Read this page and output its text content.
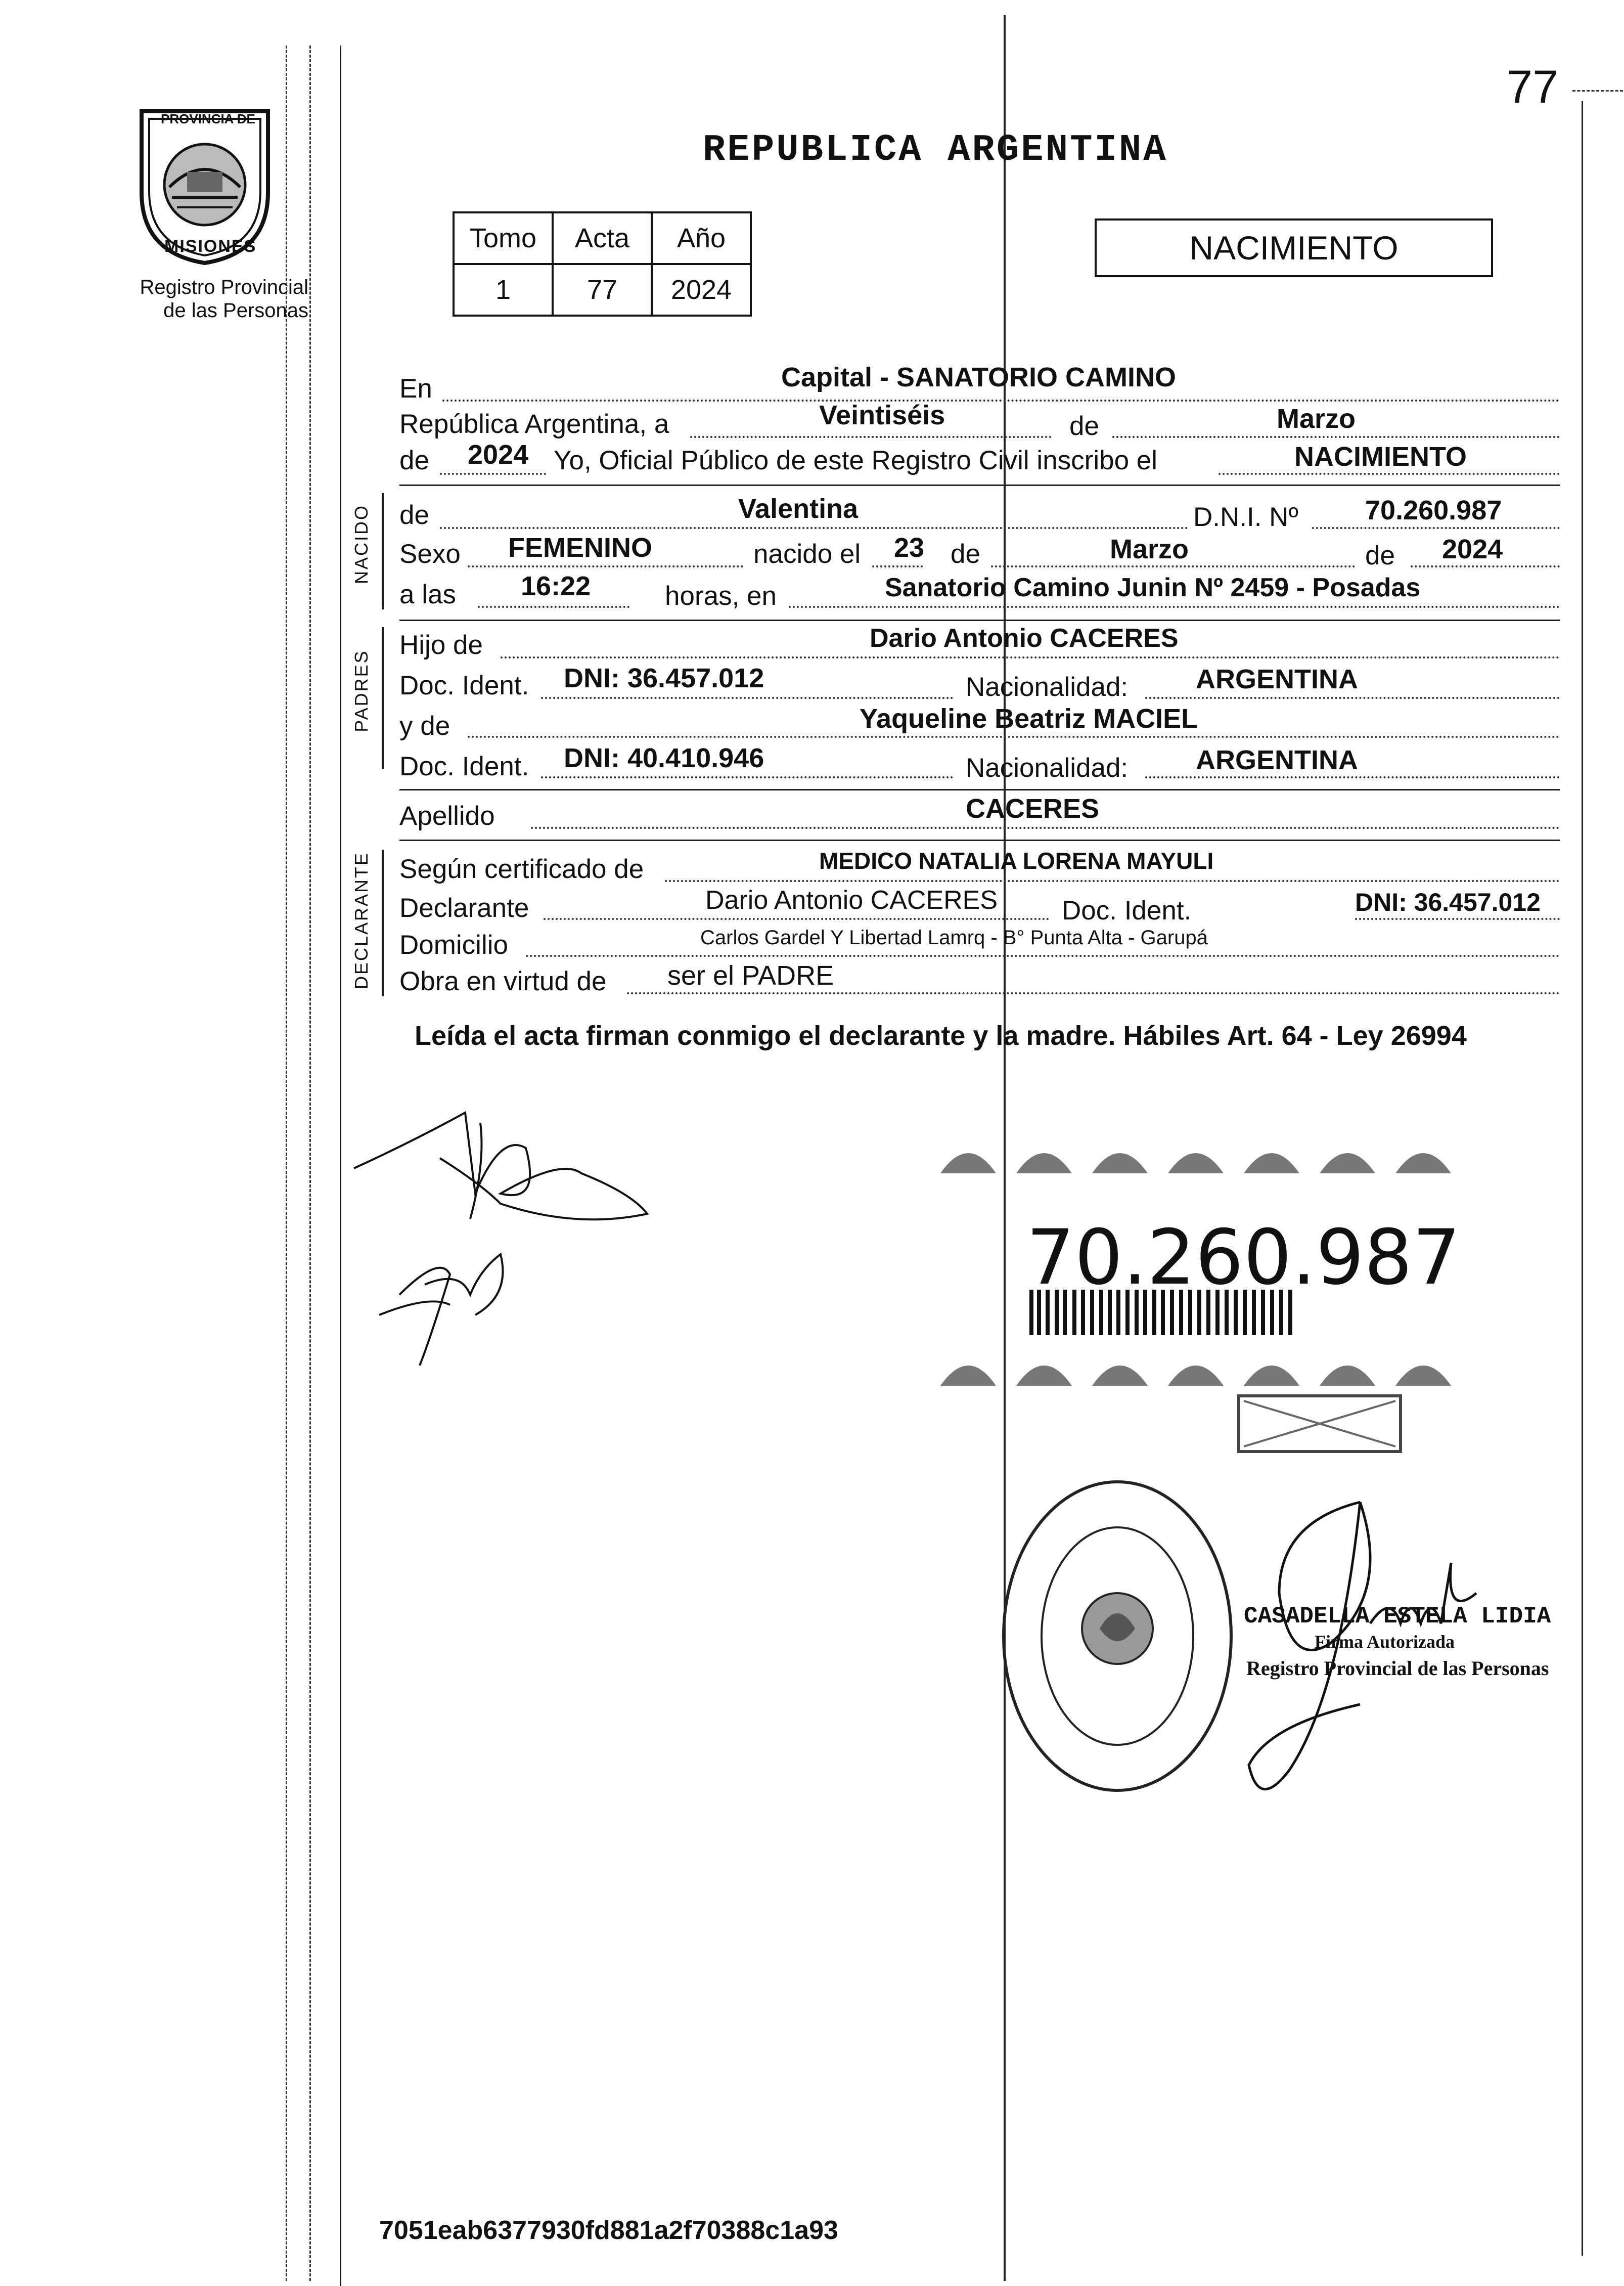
77
PROVINCIA DE
MISIONES
Registro Provincial
de las Personas
REPUBLICA ARGENTINA
Tomo	Acta	Año
1	77	2024
NACIMIENTO
En	Capital - SANATORIO CAMINO
República Argentina, a	Veintiséis	de	Marzo
de 2024 Yo, Oficial Público de este Registro Civil inscribo el	NACIMIENTO
NACIDO de	Valentina	D.N.I. Nº 70.260.987
Sexo FEMENINO	nacido el 23 de	Marzo	de 2024
a las 16:22	horas, en	Sanatorio Camino Junin Nº 2459 - Posadas
PADRES
Hijo de	Dario Antonio CACERES
Doc. Ident. DNI: 36.457.012	Nacionalidad: ARGENTINA
y de	Yaqueline Beatriz MACIEL
Doc. Ident. DNI: 40.410.946	Nacionalidad: ARGENTINA
Apellido	CACERES
DECLARANTE Según certificado de	MEDICO NATALIA LORENA MAYULI
Declarante	Dario Antonio CACERES Doc. Ident.	DNI: 36.457.012
Domicilio	Carlos Gardel Y Libertad Lamrq - B° Punta Alta - Garupá
Obra en virtud de ser el PADRE
Leída el acta firman conmigo el declarante y la madre. Hábiles Art. 64 - Ley 26994
70.260.987
CASADELLA ESTELA LIDIA
Firma Autorizada
Registro Provincial de las Personas
7051eab6377930fd881a2f70388c1a93
